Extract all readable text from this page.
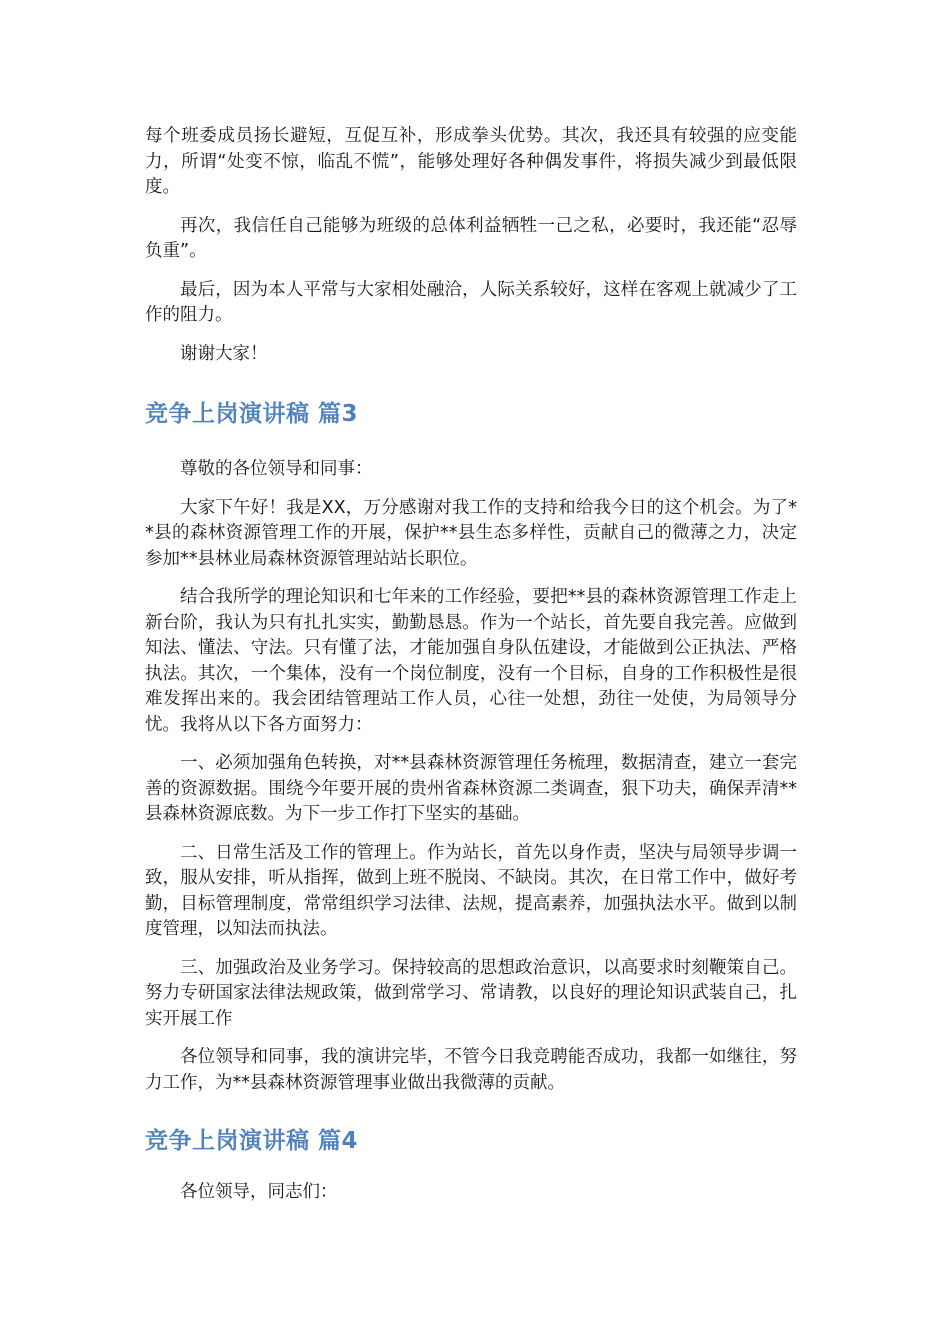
每个班委成员扬长避短，互促互补，形成拳头优势。其次，我还具有较强的应变能力，所谓“处变不惊，临乱不慌”，能够处理好各种偶发事件，将损失减少到最低限度。

再次，我信任自己能够为班级的总体利益牺牲一己之私，必要时，我还能“忍辱负重”。

最后，因为本人平常与大家相处融洽，人际关系较好，这样在客观上就减少了工作的阻力。

谢谢大家！

竞争上岗演讲稿 篇3

尊敬的各位领导和同事：

大家下午好！我是XX，万分感谢对我工作的支持和给我今日的这个机会。为了**县的森林资源管理工作的开展，保护**县生态多样性，贡献自己的微薄之力，决定参加**县林业局森林资源管理站站长职位。

结合我所学的理论知识和七年来的工作经验，要把**县的森林资源管理工作走上新台阶，我认为只有扎扎实实，勤勤恳恳。作为一个站长，首先要自我完善。应做到知法、懂法、守法。只有懂了法，才能加强自身队伍建设，才能做到公正执法、严格执法。其次，一个集体，没有一个岗位制度，没有一个目标，自身的工作积极性是很难发挥出来的。我会团结管理站工作人员，心往一处想，劲往一处使，为局领导分忧。我将从以下各方面努力：

一、必须加强角色转换，对**县森林资源管理任务梳理，数据清查，建立一套完善的资源数据。围绕今年要开展的贵州省森林资源二类调查，狠下功夫，确保弄清**县森林资源底数。为下一步工作打下坚实的基础。

二、日常生活及工作的管理上。作为站长，首先以身作责，坚决与局领导步调一致，服从安排，听从指挥，做到上班不脱岗、不缺岗。其次，在日常工作中，做好考勤，目标管理制度，常常组织学习法律、法规，提高素养，加强执法水平。做到以制度管理，以知法而执法。

三、加强政治及业务学习。保持较高的思想政治意识，以高要求时刻鞭策自己。努力专研国家法律法规政策，做到常学习、常请教，以良好的理论知识武装自己，扎实开展工作

各位领导和同事，我的演讲完毕，不管今日我竞聘能否成功，我都一如继往，努力工作，为**县森林资源管理事业做出我微薄的贡献。

竞争上岗演讲稿 篇4

各位领导，同志们：
